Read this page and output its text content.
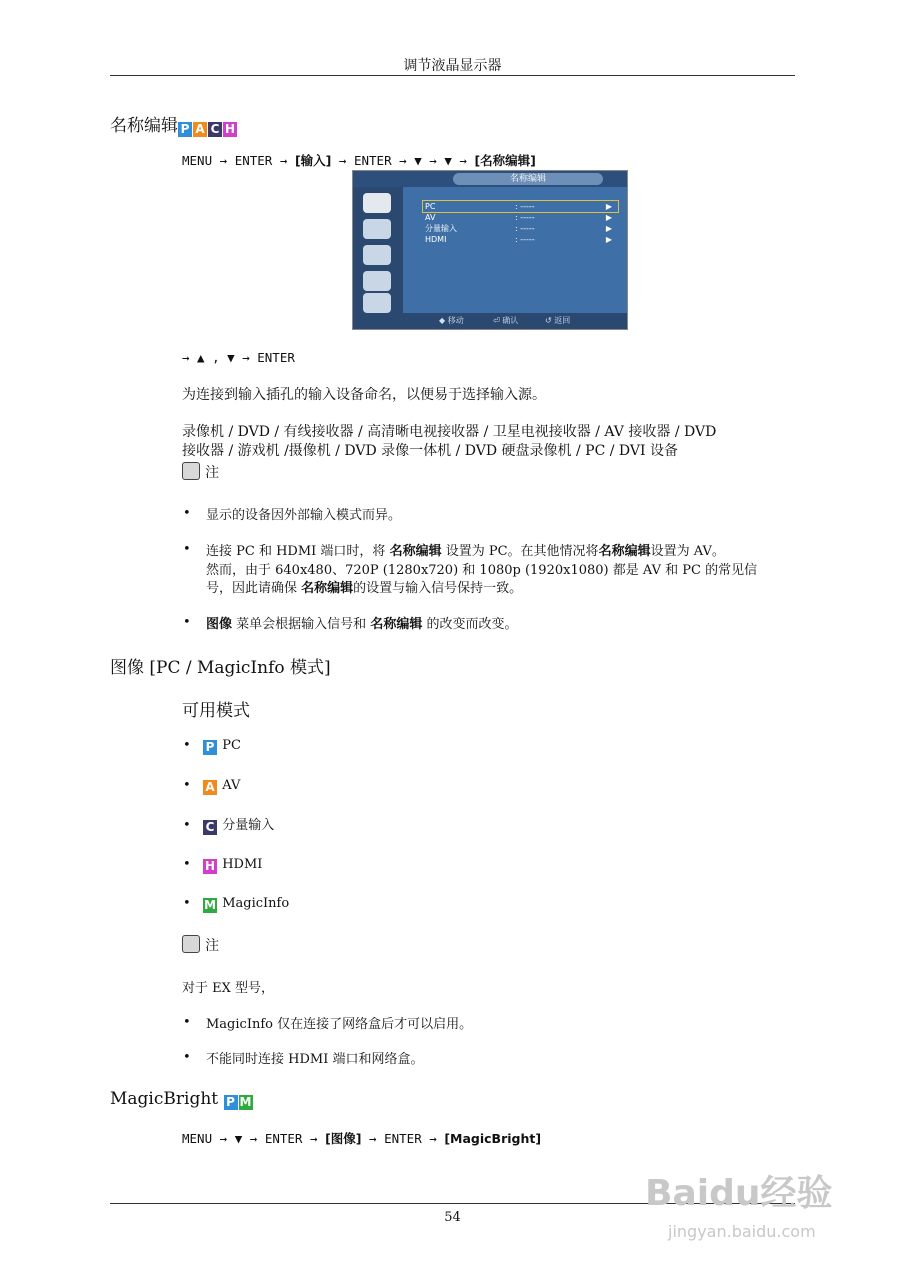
调节液晶显示器
名称编辑 P A C H
MENU → ENTER → [输入] → ENTER → ▼ → ▼ → [名称编辑]
名称编辑
PC	: -----	▶
AV	: -----	▶
分量输入	: -----	▶
HDMI	: -----	▶
◆ 移动	⏎ 确认	↺ 返回
→ ▲ , ▼ → ENTER
为连接到输入插孔的输入设备命名，以便易于选择输入源。
录像机 / DVD / 有线接收器 / 高清晰电视接收器 / 卫星电视接收器 / AV 接收器 / DVD
接收器 / 游戏机 /摄像机 / DVD 录像一体机 / DVD 硬盘录像机 / PC / DVI 设备
注
• 显示的设备因外部输入模式而异。
• 连接 PC 和 HDMI 端口时，将 名称编辑 设置为 PC。在其他情况将名称编辑设置为 AV。
然而，由于 640x480、720P (1280x720) 和 1080p (1920x1080) 都是 AV 和 PC 的常见信
号，因此请确保 名称编辑的设置与输入信号保持一致。
• 图像 菜单会根据输入信号和 名称编辑 的改变而改变。
图像 [PC / MagicInfo 模式]
可用模式
• P PC
• A AV
• C 分量输入
• H HDMI
• M MagicInfo
注
对于 EX 型号，
• MagicInfo 仅在连接了网络盒后才可以启用。
• 不能同时连接 HDMI 端口和网络盒。
MagicBright P M
MENU → ▼ → ENTER → [图像] → ENTER → [MagicBright]
54
Baidu经验
jingyan.baidu.com
